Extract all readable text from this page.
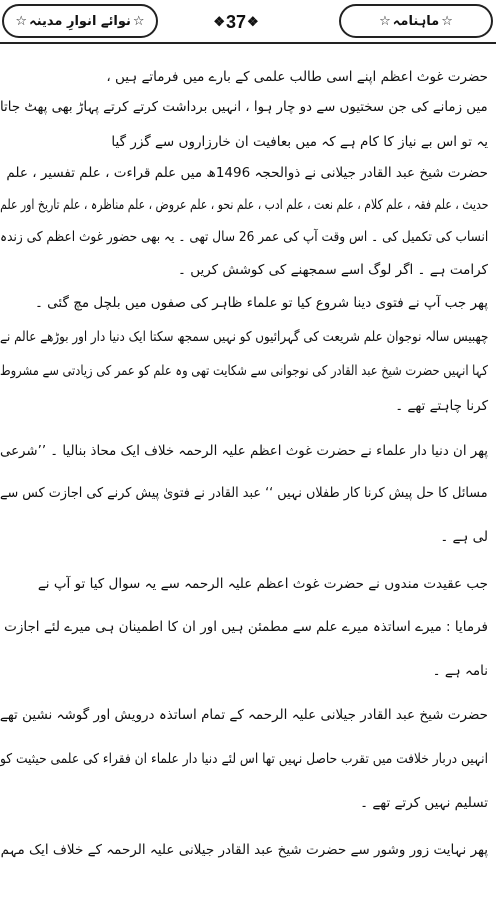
☆
نوائے انوارِ مدینہ
☆	❖ 37 ❖	☆
ماہنامہ
☆
حضرت غوث اعظم اپنے اسی طالب علمی کے بارے میں فرماتے ہیں ،
میں زمانے کی جن سختیوں سے دو چار ہوا ، انہیں برداشت کرتے کرتے پہاڑ بھی پھٹ جاتا
یہ تو اس بے نیاز کا کام ہے کہ میں بعافیت ان خارزاروں سے گزر گیا
حضرت شیخ عبد القادر جیلانی نے ذوالحجہ 1496ھ میں علم قراءت ، علم تفسیر ، علم
حدیث ، علم فقہ ، علم کلام ، علم نعت ، علم ادب ، علم نحو ، علم عروض ، علم مناظرہ ، علم تاریخ اور علم
انساب کی تکمیل کی ۔ اس وقت آپ کی عمر 26 سال تھی ۔ یہ بھی حضور غوث اعظم کی زندہ
کرامت ہے ۔ اگر لوگ اسے سمجھنے کی کوشش کریں ۔
پھر جب آپ نے فتوی دینا شروع کیا تو علماء ظاہر کی صفوں میں بلچل مچ گئی ۔
چھبیس سالہ نوجوان علم شریعت کی گہرائیوں کو نہیں سمجھ سکتا ایک دنیا دار اور بوڑھے عالم نے
کہا انہیں حضرت شیخ عبد القادر کی نوجوانی سے شکایت تھی وہ علم کو عمر کی زیادتی سے مشروط
کرنا چاہتے تھے ۔
پھر ان دنیا دار علماء نے حضرت غوث اعظم علیہ الرحمہ خلاف ایک محاذ بنالیا ۔ ’’شرعی
مسائل کا حل پیش کرنا کار طفلاں نہیں ‘‘ عبد القادر نے فتویٰ پیش کرنے کی اجازت کس سے
لی ہے ۔
جب عقیدت مندوں نے حضرت غوث اعظم علیہ الرحمہ سے یہ سوال کیا تو آپ نے
فرمایا : میرے اساتذہ میرے علم سے مطمئن ہیں اور ان کا اطمینان ہی میرے لئے اجازت
نامہ ہے ۔
حضرت شیخ عبد القادر جیلانی علیہ الرحمہ کے تمام اساتذہ درویش اور گوشہ نشین تھے
انہیں دربار خلافت میں تقرب حاصل نہیں تھا اس لئے دنیا دار علماء ان فقراء کی علمی حیثیت کو
تسلیم نہیں کرتے تھے ۔
پھر نہایت زور وشور سے حضرت شیخ عبد القادر جیلانی علیہ الرحمہ کے خلاف ایک مہم
